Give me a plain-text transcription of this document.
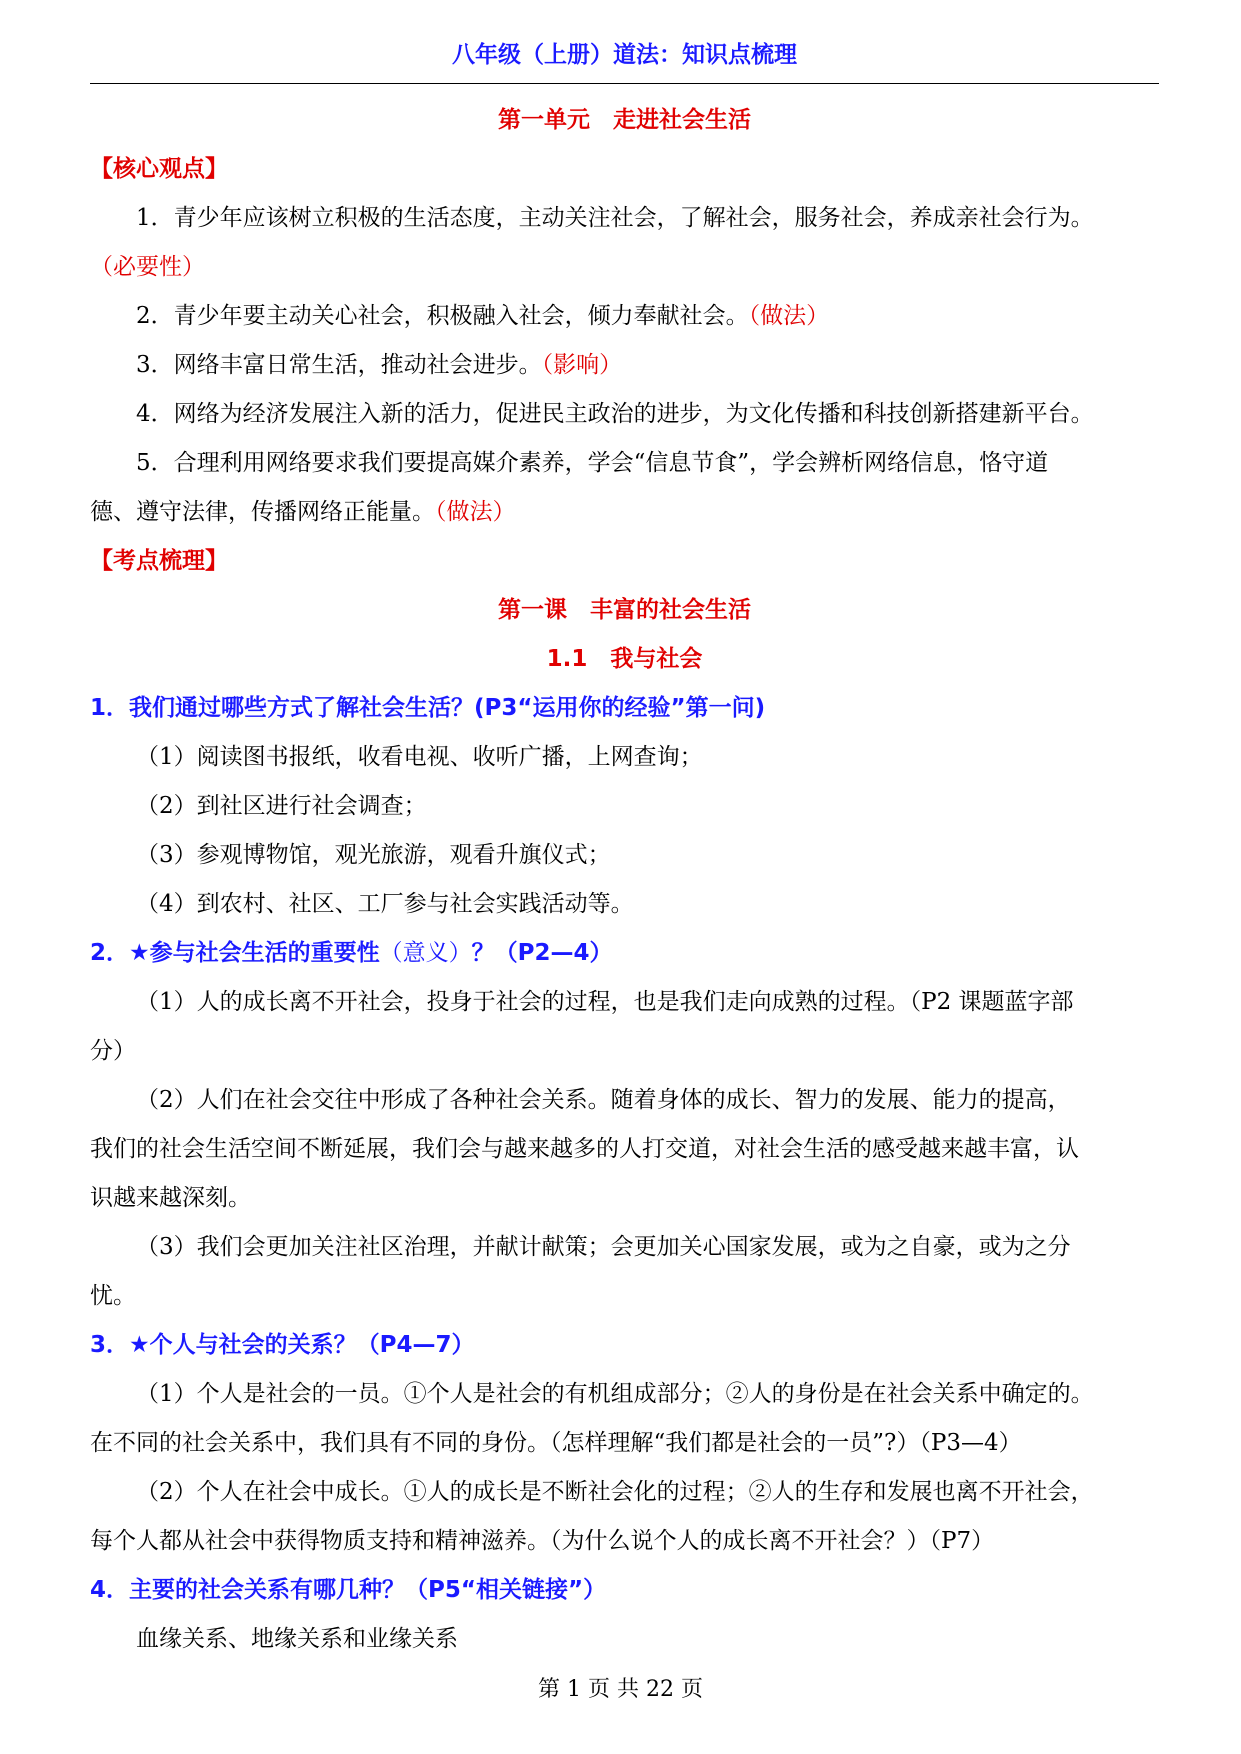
八年级（上册）道法：知识点梳理
第一单元　走进社会生活
【核心观点】
1．青少年应该树立积极的生活态度，主动关注社会，了解社会，服务社会，养成亲社会行为。
（必要性）
2．青少年要主动关心社会，积极融入社会，倾力奉献社会。（做法）
3．网络丰富日常生活，推动社会进步。（影响）
4．网络为经济发展注入新的活力，促进民主政治的进步，为文化传播和科技创新搭建新平台。
5．合理利用网络要求我们要提高媒介素养，学会“信息节食”，学会辨析网络信息，恪守道
德、遵守法律，传播网络正能量。（做法）
【考点梳理】
第一课　丰富的社会生活
1.1　我与社会
1．我们通过哪些方式了解社会生活？(P3“运用你的经验”第一问)
（1）阅读图书报纸，收看电视、收听广播，上网查询；
（2）到社区进行社会调查；
（3）参观博物馆，观光旅游，观看升旗仪式；
（4）到农村、社区、工厂参与社会实践活动等。
2．★参与社会生活的重要性（意义）？（P2—4）
（1）人的成长离不开社会，投身于社会的过程，也是我们走向成熟的过程。（P2 课题蓝字部
分）
（2）人们在社会交往中形成了各种社会关系。随着身体的成长、智力的发展、能力的提高，
我们的社会生活空间不断延展，我们会与越来越多的人打交道，对社会生活的感受越来越丰富，认
识越来越深刻。
（3）我们会更加关注社区治理，并献计献策；会更加关心国家发展，或为之自豪，或为之分
忧。
3．★个人与社会的关系？（P4—7）
（1）个人是社会的一员。①个人是社会的有机组成部分；②人的身份是在社会关系中确定的。
在不同的社会关系中，我们具有不同的身份。（怎样理解“我们都是社会的一员”?）（P3—4）
（2）个人在社会中成长。①人的成长是不断社会化的过程；②人的生存和发展也离不开社会，
每个人都从社会中获得物质支持和精神滋养。（为什么说个人的成长离不开社会？）（P7）
4．主要的社会关系有哪几种？（P5“相关链接”）
血缘关系、地缘关系和业缘关系
第 1 页 共 22 页
